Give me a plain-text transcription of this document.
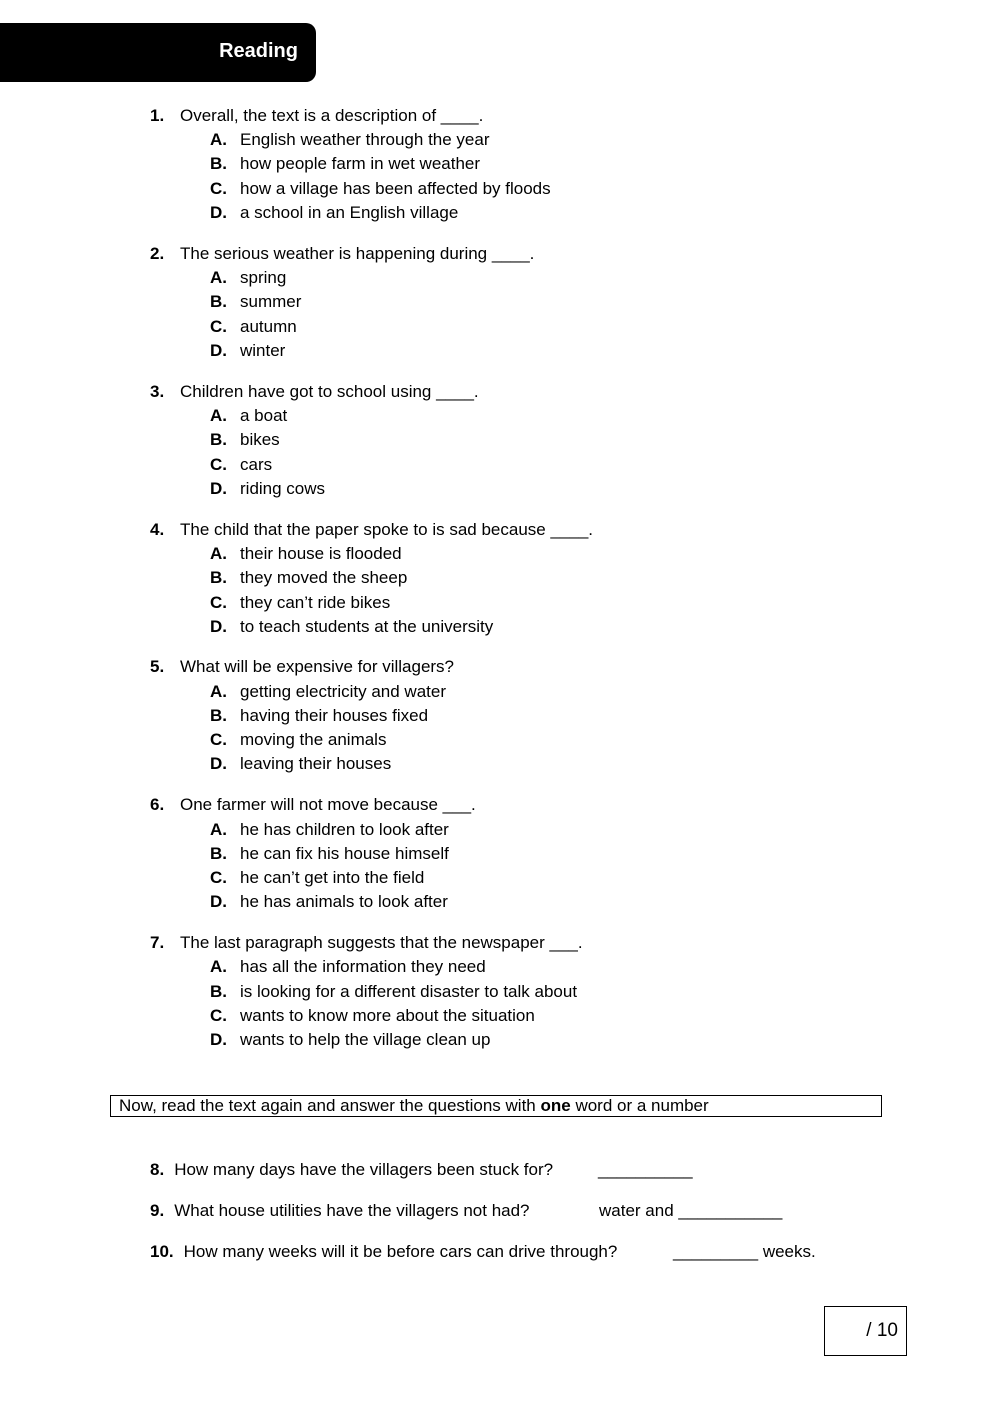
Reading
1. Overall, the text is a description of ____.
A. English weather through the year
B. how people farm in wet weather
C. how a village has been affected by floods
D. a school in an English village
2. The serious weather is happening during ____.
A. spring
B. summer
C. autumn
D. winter
3. Children have got to school using ____.
A. a boat
B. bikes
C. cars
D. riding cows
4. The child that the paper spoke to is sad because ____.
A. their house is flooded
B. they moved the sheep
C. they can’t ride bikes
D. to teach students at the university
5. What will be expensive for villagers?
A. getting electricity and water
B. having their houses fixed
C. moving the animals
D. leaving their houses
6. One farmer will not move because ___.
A. he has children to look after
B. he can fix his house himself
C. he can’t get into the field
D. he has animals to look after
7. The last paragraph suggests that the newspaper ___.
A. has all the information they need
B. is looking for a different disaster to talk about
C. wants to know more about the situation
D. wants to help the village clean up
Now, read the text again and answer the questions with one word or a number
8. How many days have the villagers been stuck for?	__________
9. What house utilities have the villagers not had?	water and ___________
10. How many weeks will it be before cars can drive through?	_________ weeks.
/ 10
